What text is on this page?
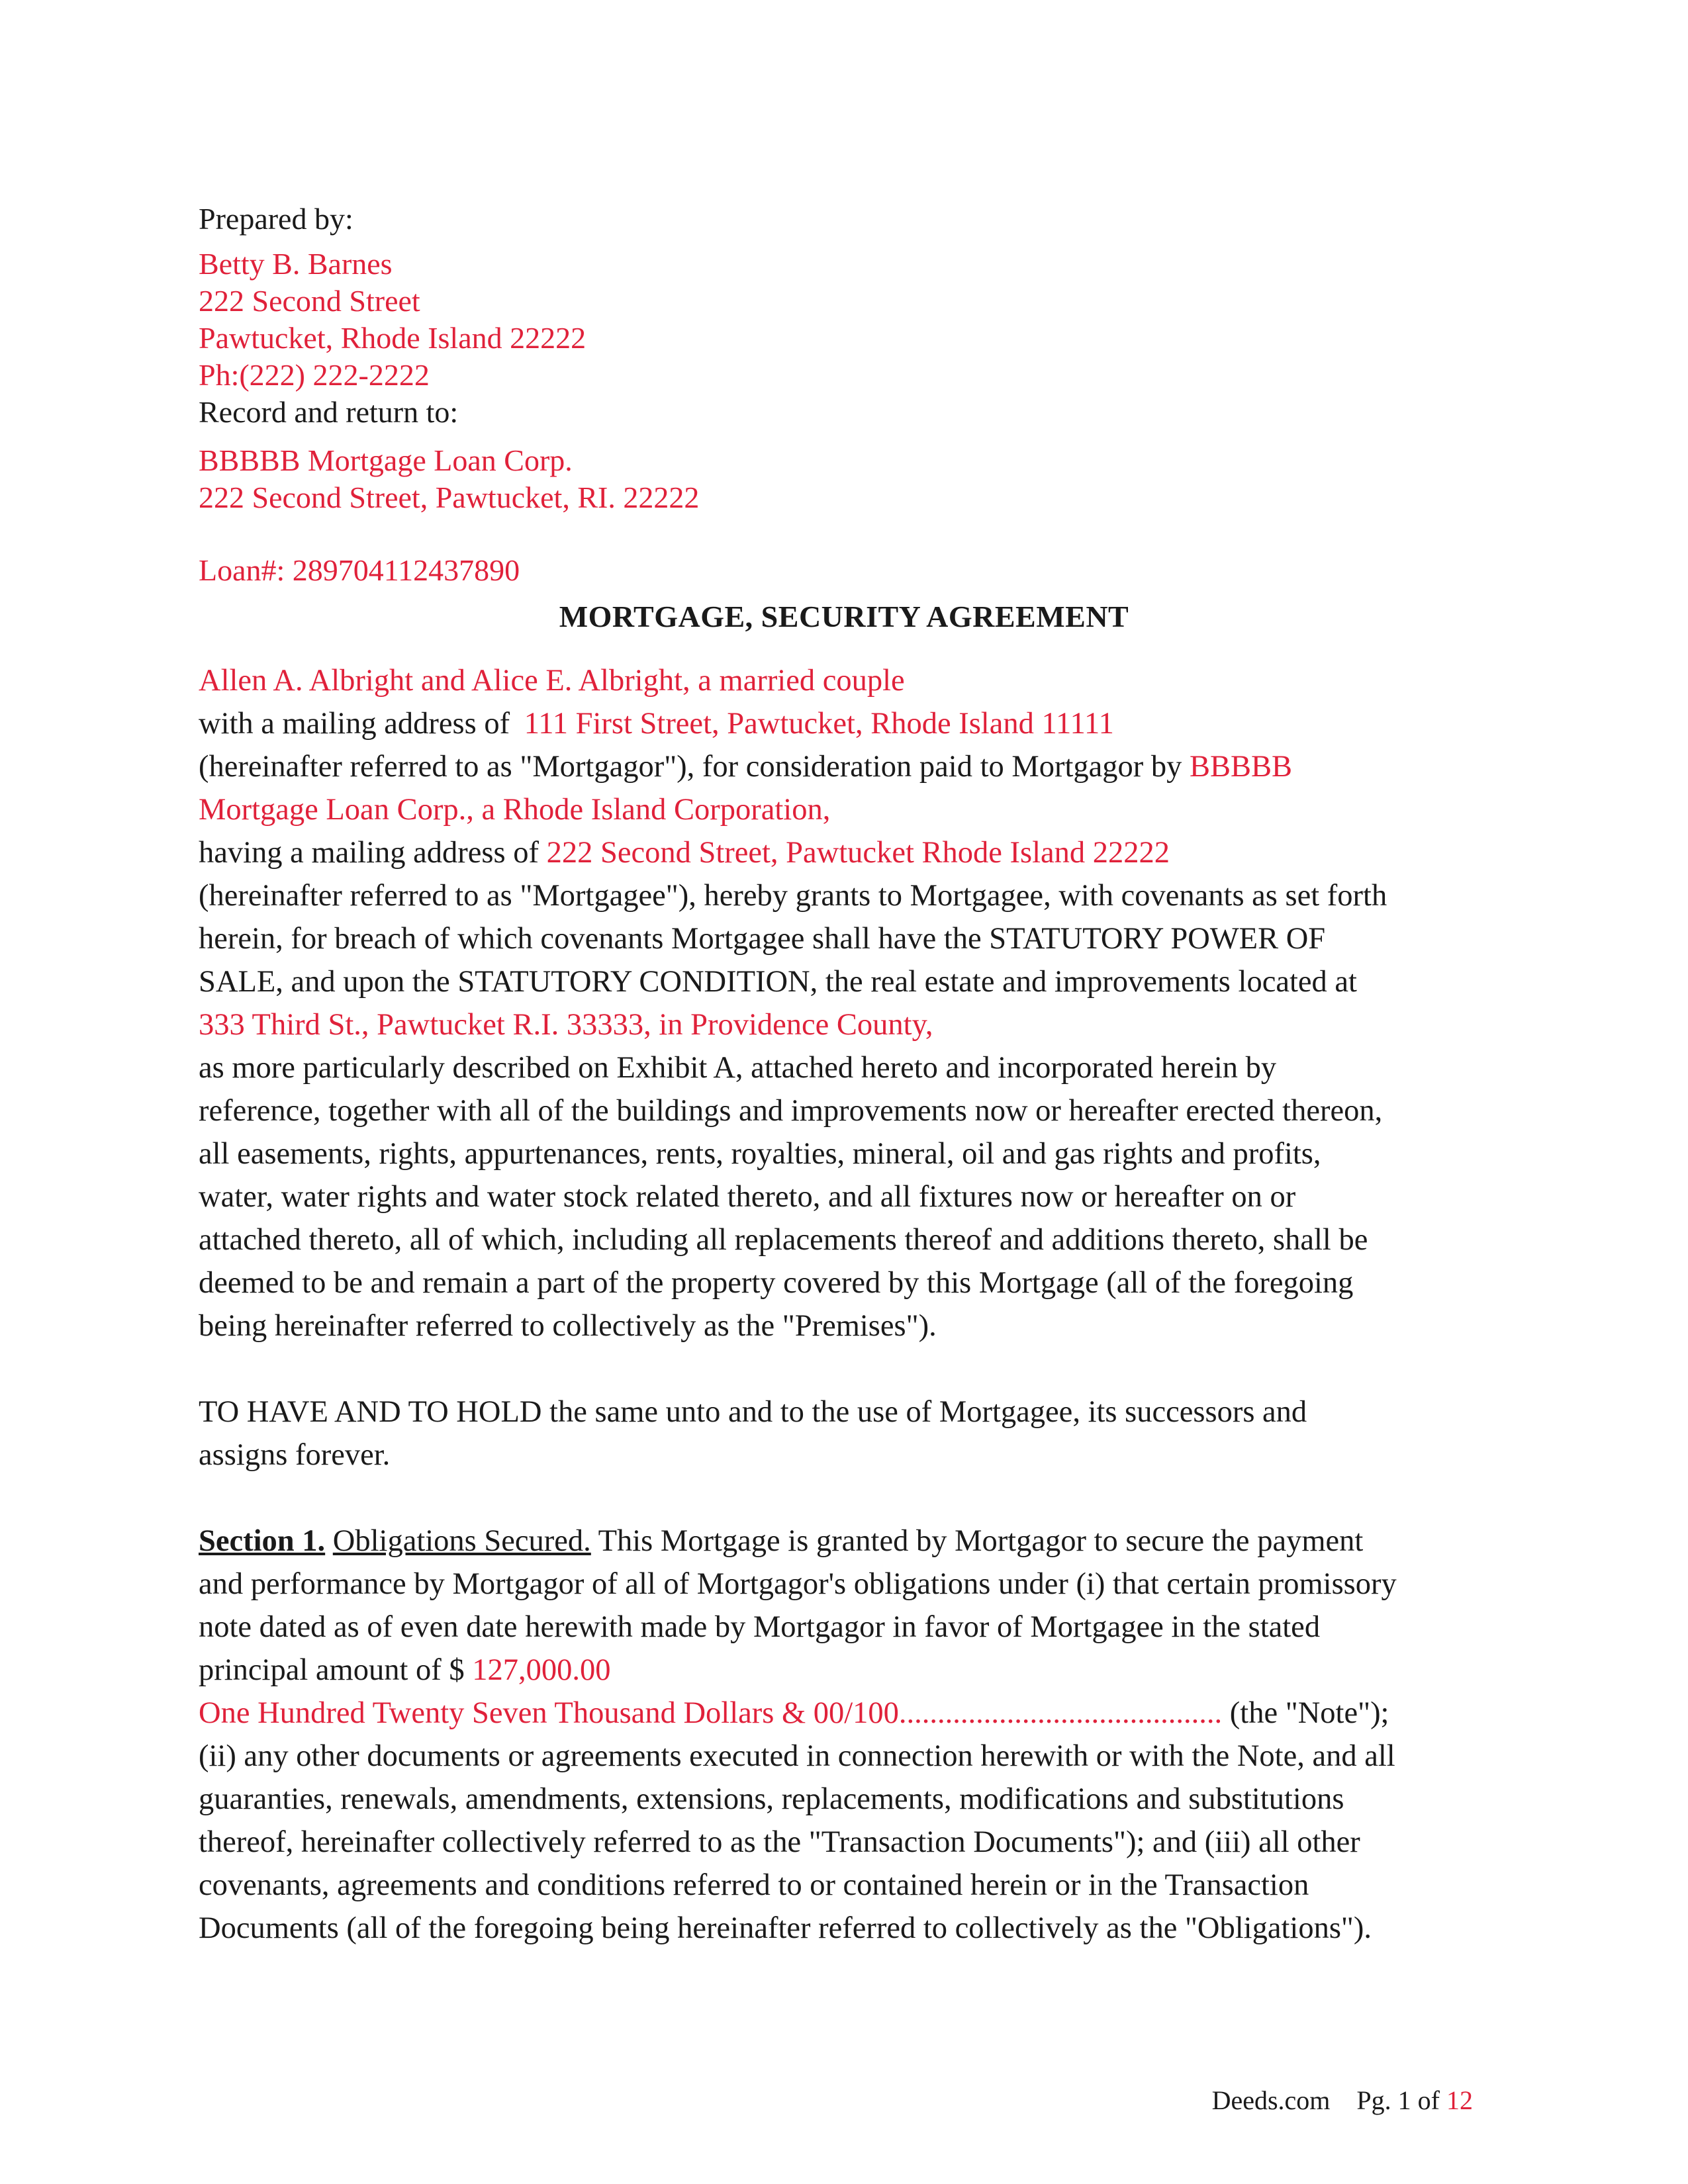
Prepared by:

Betty B. Barnes

222 Second Street

Pawtucket, Rhode Island 22222

Ph:(222) 222-2222

Record and return to:

BBBBB Mortgage Loan Corp.

222 Second Street, Pawtucket, RI. 22222

Loan#: 289704112437890

MORTGAGE, SECURITY AGREEMENT

Allen A. Albright and Alice E. Albright, a married couple

with a mailing address of 111 First Street, Pawtucket, Rhode Island 11111

(hereinafter referred to as "Mortgagor"), for consideration paid to Mortgagor by BBBBB

Mortgage Loan Corp., a Rhode Island Corporation,

having a mailing address of 222 Second Street, Pawtucket Rhode Island 22222

(hereinafter referred to as "Mortgagee"), hereby grants to Mortgagee, with covenants as set forth

herein, for breach of which covenants Mortgagee shall have the STATUTORY POWER OF

SALE, and upon the STATUTORY CONDITION, the real estate and improvements located at

333 Third St., Pawtucket R.I. 33333, in Providence County,

as more particularly described on Exhibit A, attached hereto and incorporated herein by

reference, together with all of the buildings and improvements now or hereafter erected thereon,

all easements, rights, appurtenances, rents, royalties, mineral, oil and gas rights and profits,

water, water rights and water stock related thereto, and all fixtures now or hereafter on or

attached thereto, all of which, including all replacements thereof and additions thereto, shall be

deemed to be and remain a part of the property covered by this Mortgage (all of the foregoing

being hereinafter referred to collectively as the "Premises").

TO HAVE AND TO HOLD the same unto and to the use of Mortgagee, its successors and

assigns forever.

Section 1. Obligations Secured. This Mortgage is granted by Mortgagor to secure the payment

and performance by Mortgagor of all of Mortgagor's obligations under (i) that certain promissory

note dated as of even date herewith made by Mortgagor in favor of Mortgagee in the stated

principal amount of $ 127,000.00

One Hundred Twenty Seven Thousand Dollars & 00/100.......................................... (the "Note");

(ii) any other documents or agreements executed in connection herewith or with the Note, and all

guaranties, renewals, amendments, extensions, replacements, modifications and substitutions

thereof, hereinafter collectively referred to as the "Transaction Documents"); and (iii) all other

covenants, agreements and conditions referred to or contained herein or in the Transaction

Documents (all of the foregoing being hereinafter referred to collectively as the "Obligations").

Deeds.com Pg. 1 of 12
